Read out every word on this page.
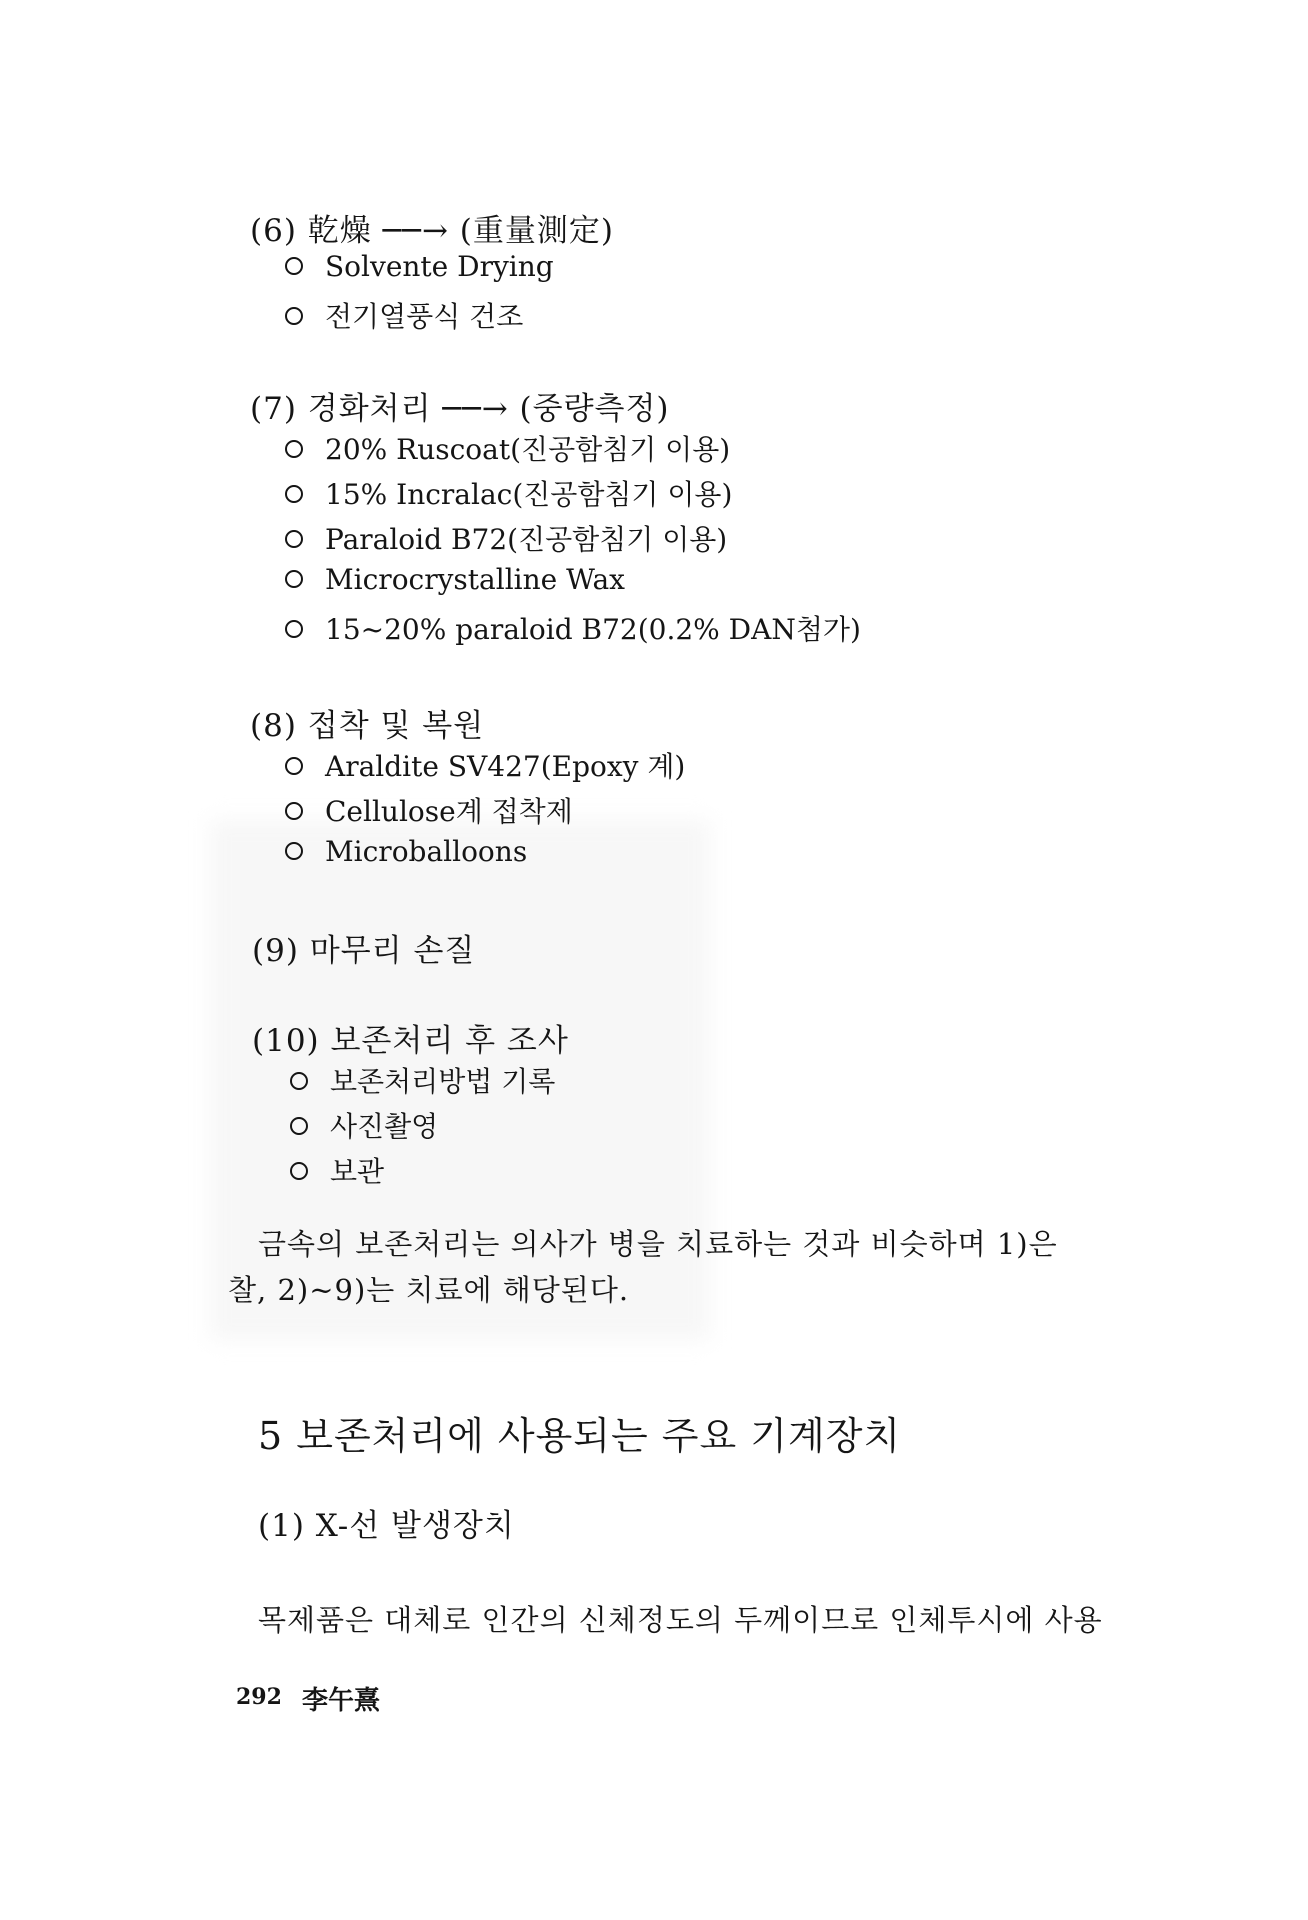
(6) 乾燥 ──→ (重量測定)
Solvente Drying
전기열풍식 건조
(7) 경화처리 ──→ (중량측정)
20% Ruscoat(진공함침기 이용)
15% Incralac(진공함침기 이용)
Paraloid B72(진공함침기 이용)
Microcrystalline Wax
15~20% paraloid B72(0.2% DAN첨가)
(8) 접착 및 복원
Araldite SV427(Epoxy 계)
Cellulose계 접착제
Microballoons
(9) 마무리 손질
(10) 보존처리 후 조사
보존처리방법 기록
사진촬영
보관
금속의 보존처리는 의사가 병을 치료하는 것과 비슷하며 1)은
찰, 2)~9)는 치료에 해당된다.
5 보존처리에 사용되는 주요 기계장치
(1) X-선 발생장치
목제품은 대체로 인간의 신체정도의 두께이므로 인체투시에 사용
292 李午熹
